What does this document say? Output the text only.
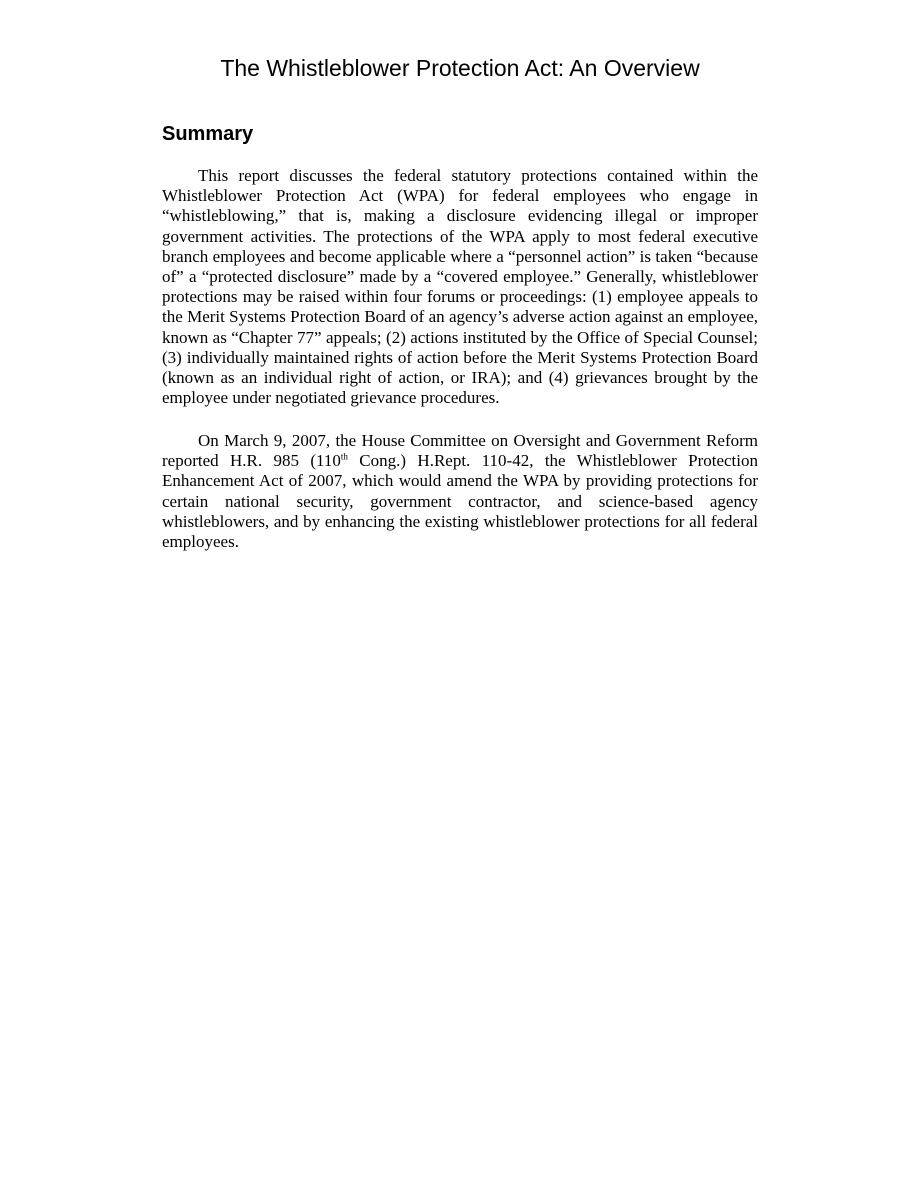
The Whistleblower Protection Act: An Overview
Summary

This report discusses the federal statutory protections contained within the Whistleblower Protection Act (WPA) for federal employees who engage in “whistleblowing,” that is, making a disclosure evidencing illegal or improper government activities. The protections of the WPA apply to most federal executive branch employees and become applicable where a “personnel action” is taken “because of” a “protected disclosure” made by a “covered employee.” Generally, whistleblower protections may be raised within four forums or proceedings: (1) employee appeals to the Merit Systems Protection Board of an agency’s adverse action against an employee, known as “Chapter 77” appeals; (2) actions instituted by the Office of Special Counsel; (3) individually maintained rights of action before the Merit Systems Protection Board (known as an individual right of action, or IRA); and (4) grievances brought by the employee under negotiated grievance procedures.

On March 9, 2007, the House Committee on Oversight and Government Reform reported H.R. 985 (110th Cong.) H.Rept. 110-42, the Whistleblower Protection Enhancement Act of 2007, which would amend the WPA by providing protections for certain national security, government contractor, and science-based agency whistleblowers, and by enhancing the existing whistleblower protections for all federal employees.
